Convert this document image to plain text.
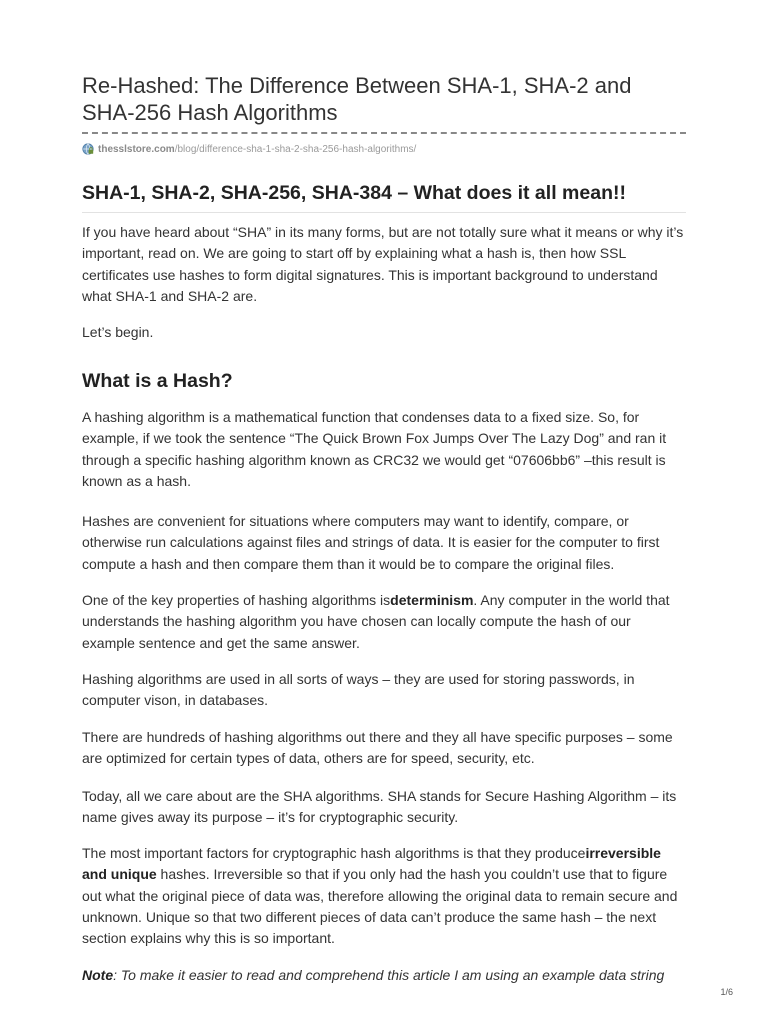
Re-Hashed: The Difference Between SHA-1, SHA-2 and SHA-256 Hash Algorithms
thesslstore.com /blog/difference-sha-1-sha-2-sha-256-hash-algorithms/
SHA-1, SHA-2, SHA-256, SHA-384 – What does it all mean!!

If you have heard about “SHA” in its many forms, but are not totally sure what it means or why it’s important, read on. We are going to start off by explaining what a hash is, then how SSL certificates use hashes to form digital signatures. This is important background to understand what SHA-1 and SHA-2 are.

Let’s begin.

What is a Hash?

A hashing algorithm is a mathematical function that condenses data to a fixed size. So, for example, if we took the sentence “The Quick Brown Fox Jumps Over The Lazy Dog” and ran it through a specific hashing algorithm known as CRC32 we would get “07606bb6” –this result is known as a hash.

Hashes are convenient for situations where computers may want to identify, compare, or otherwise run calculations against files and strings of data. It is easier for the computer to first compute a hash and then compare them than it would be to compare the original files.

One of the key properties of hashing algorithms isdeterminism. Any computer in the world that understands the hashing algorithm you have chosen can locally compute the hash of our example sentence and get the same answer.

Hashing algorithms are used in all sorts of ways – they are used for storing passwords, in computer vison, in databases.

There are hundreds of hashing algorithms out there and they all have specific purposes – some are optimized for certain types of data, others are for speed, security, etc.

Today, all we care about are the SHA algorithms. SHA stands for Secure Hashing Algorithm – its name gives away its purpose – it’s for cryptographic security.

The most important factors for cryptographic hash algorithms is that they produceirreversible and unique hashes. Irreversible so that if you only had the hash you couldn’t use that to figure out what the original piece of data was, therefore allowing the original data to remain secure and unknown. Unique so that two different pieces of data can’t produce the same hash – the next section explains why this is so important.

Note: To make it easier to read and comprehend this article I am using an example data string

1/6
